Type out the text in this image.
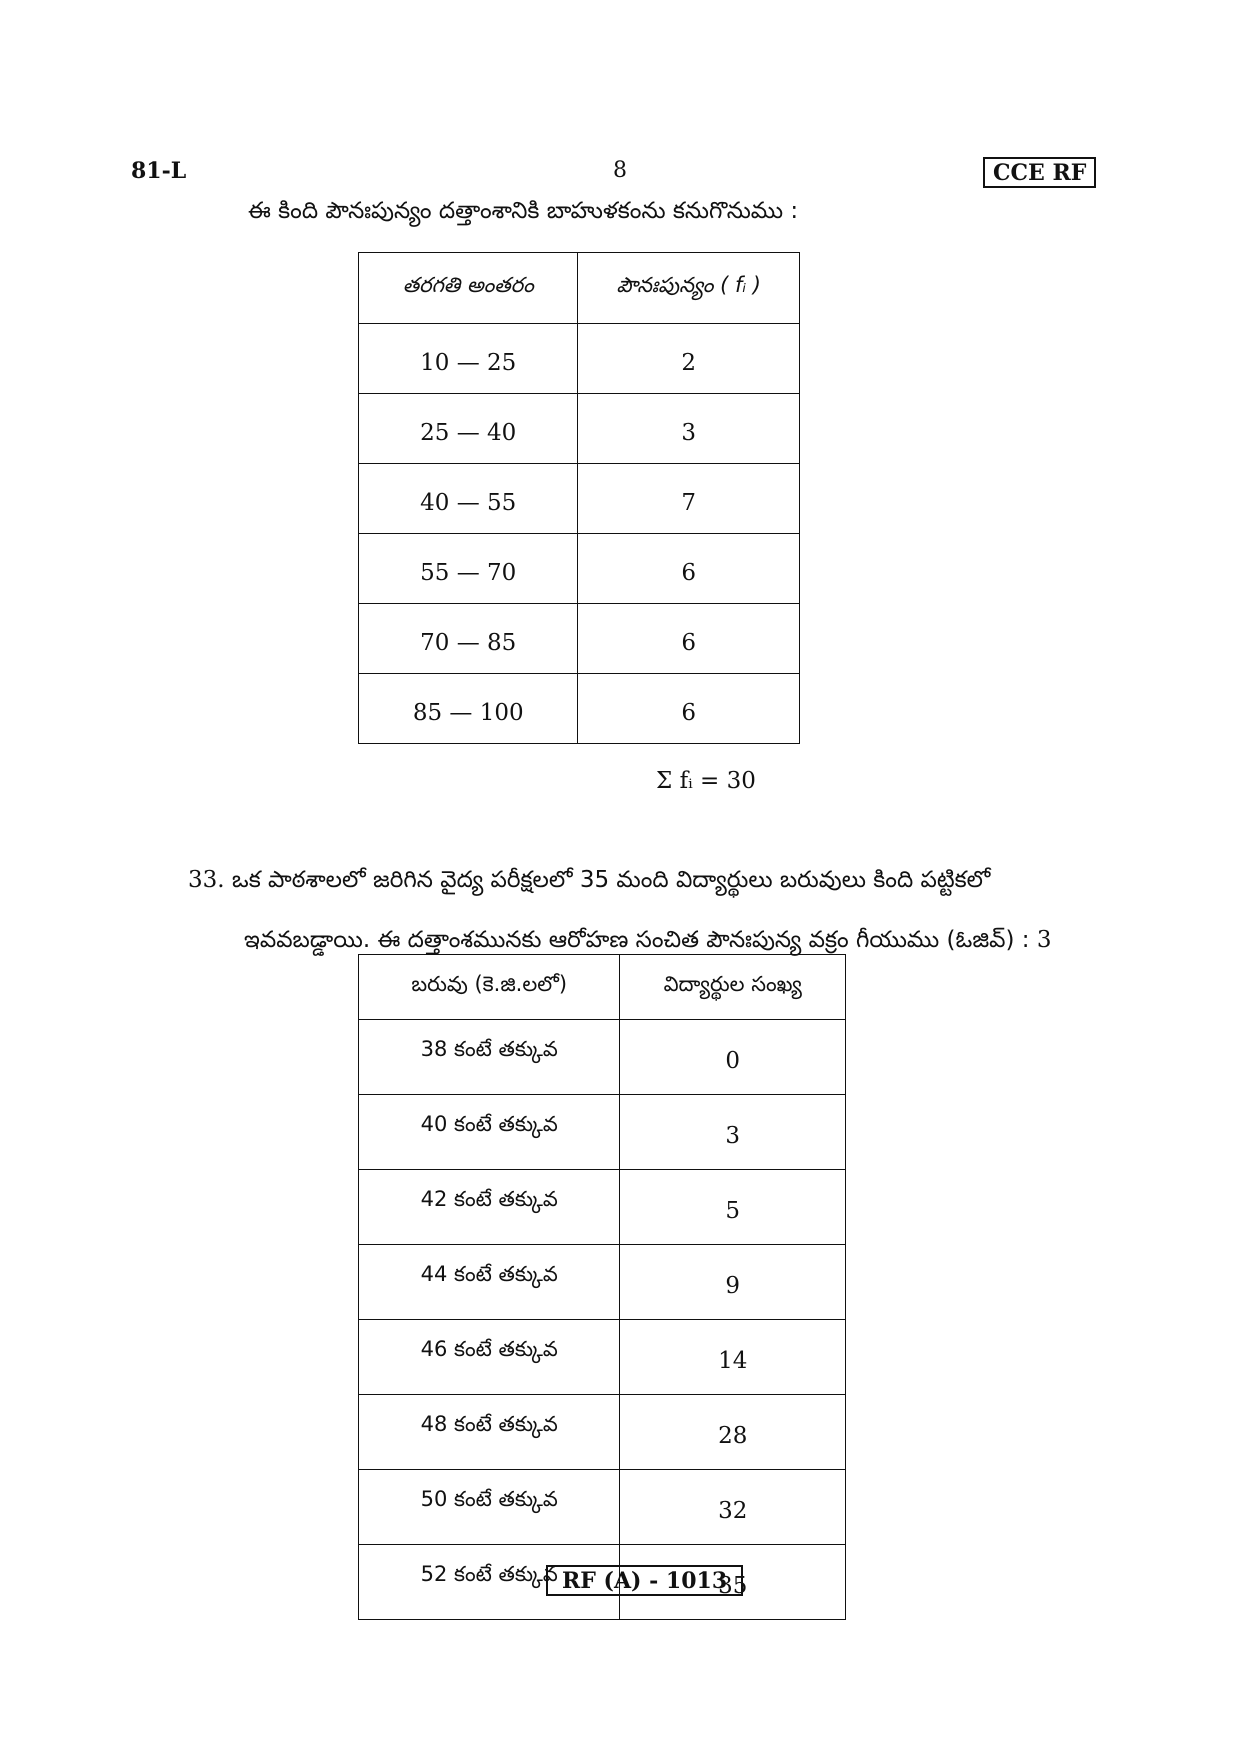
81-L	8	CCE RF
ఈ కింది పౌనఃపున్యం దత్తాంశానికి బాహుళకంను కనుగొనుము :
తరగతి అంతరం	పౌనఃపున్యం ( fᵢ )
10 — 25	2
25 — 40	3
40 — 55	7
55 — 70	6
70 — 85	6
85 — 100	6
Σ fᵢ = 30
33. ఒక పాఠశాలలో జరిగిన వైద్య పరీక్షలలో 35 మంది విద్యార్థులు బరువులు కింది పట్టికలో
ఇవవబడ్డాయి. ఈ దత్తాంశమునకు ఆరోహణ సంచిత పౌనఃపున్య వక్రం గీయుము (ఓజివ్) : 3
బరువు (కె.జి.లలో)	విద్యార్థుల సంఖ్య
38 కంటే తక్కువ	0
40 కంటే తక్కువ	3
42 కంటే తక్కువ	5
44 కంటే తక్కువ	9
46 కంటే తక్కువ	14
48 కంటే తక్కువ	28
50 కంటే తక్కువ	32
52 కంటే తక్కువ	35
RF (A) - 1013
